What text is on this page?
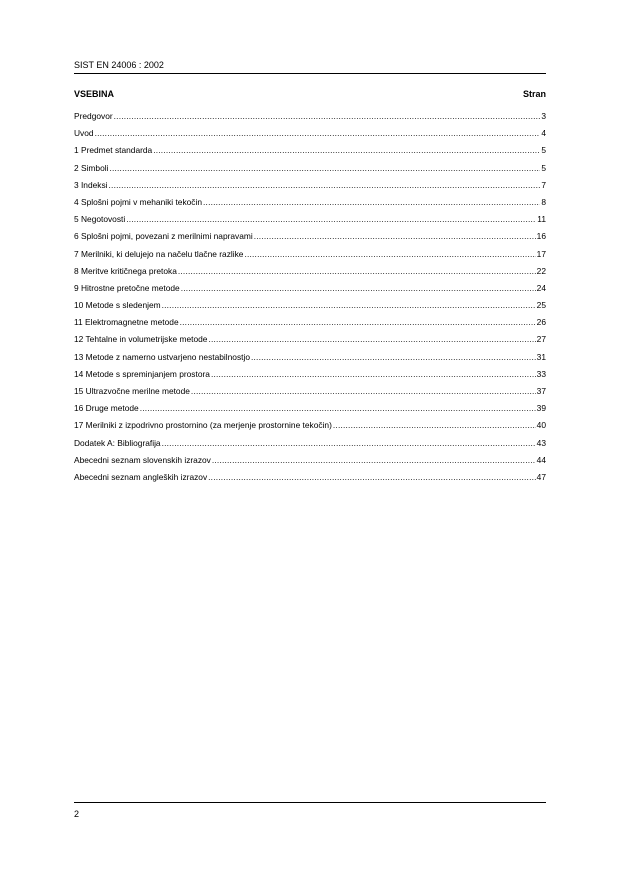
SIST EN 24006 : 2002
VSEBINA	Stran
Predgovor .....	3
Uvod .....	4
1 Predmet standarda .....	5
2 Simboli .....	5
3 Indeksi .....	7
4 Splošni pojmi v mehaniki tekočin .....	8
5 Negotovosti .....	11
6 Splošni pojmi, povezani z merilnimi napravami .....	16
7 Merilniki, ki delujejo na načelu tlačne razlike .....	17
8 Meritve kritičnega pretoka .....	22
9 Hitrostne pretočne metode .....	24
10 Metode s sledenjem .....	25
11 Elektromagnetne metode .....	26
12 Tehtalne in volumetrijske metode .....	27
13 Metode z namerno ustvarjeno nestabilnostjo .....	31
14 Metode s spreminjanjem prostora .....	33
15 Ultrazvočne merilne metode .....	37
16 Druge metode .....	39
17 Merilniki z izpodrivno prostornino (za merjenje prostornine tekočin) .....	40
Dodatek A: Bibliografija .....	43
Abecedni seznam slovenskih izrazov .....	44
Abecedni seznam angleških izrazov .....	47
2
